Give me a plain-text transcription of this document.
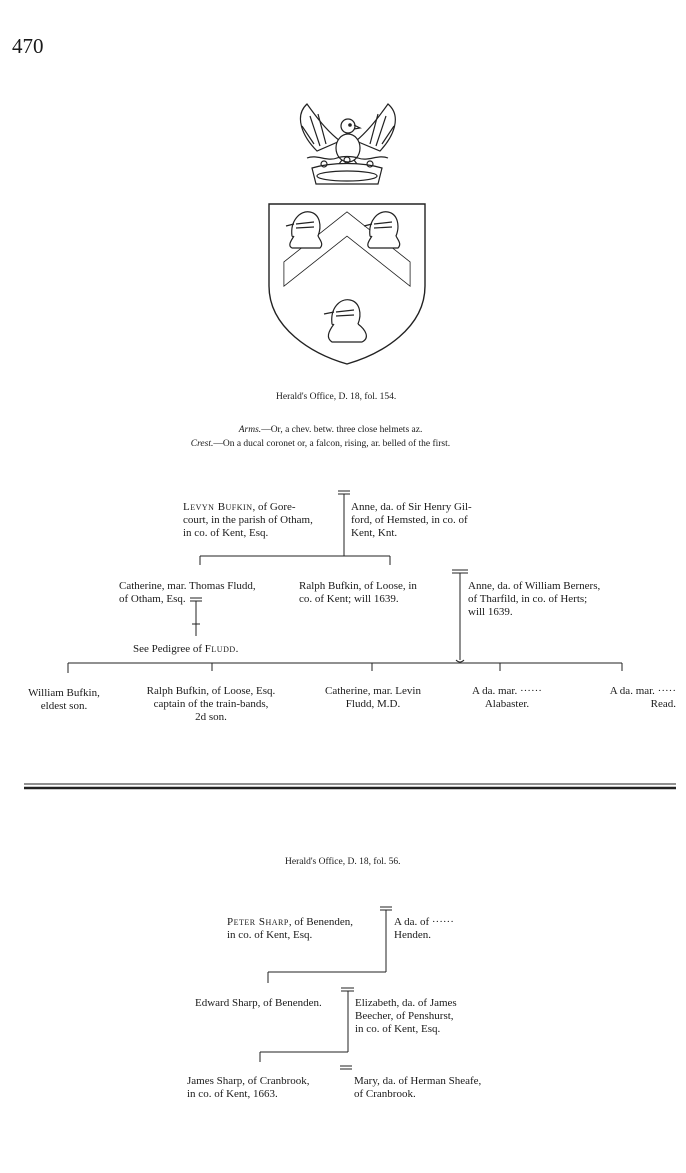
470
Herald's Office, D. 18, fol. 154.

Arms.—Or, a chev. betw. three close helmets az.

Crest.—On a ducal coronet or, a falcon, rising, ar. belled of the first.

Levyn Bufkin, of Gore-
court, in the parish of Otham,
in co. of Kent, Esq.

Anne, da. of Sir Henry Gil-
ford, of Hemsted, in co. of
Kent, Knt.

Catherine, mar. Thomas Fludd,
of Otham, Esq.

Ralph Bufkin, of Loose, in
co. of Kent; will 1639.

Anne, da. of William Berners,
of Tharfild, in co. of Herts;
will 1639.
See Pedigree of Fludd.

William Bufkin,
eldest son.

Ralph Bufkin, of Loose, Esq.
captain of the train-bands,
2d son.

Catherine, mar. Levin
Fludd, M.D.

A da. mar. ······
Alabaster.

A da. mar. ·····
Read.
Herald's Office, D. 18, fol. 56.

Peter Sharp, of Benenden,
in co. of Kent, Esq.

A da. of ······
Henden.

Edward Sharp, of Benenden.	Elizabeth, da. of James
Beecher, of Penshurst,
in co. of Kent, Esq.

James Sharp, of Cranbrook,
in co. of Kent, 1663.

Mary, da. of Herman Sheafe,
of Cranbrook.
